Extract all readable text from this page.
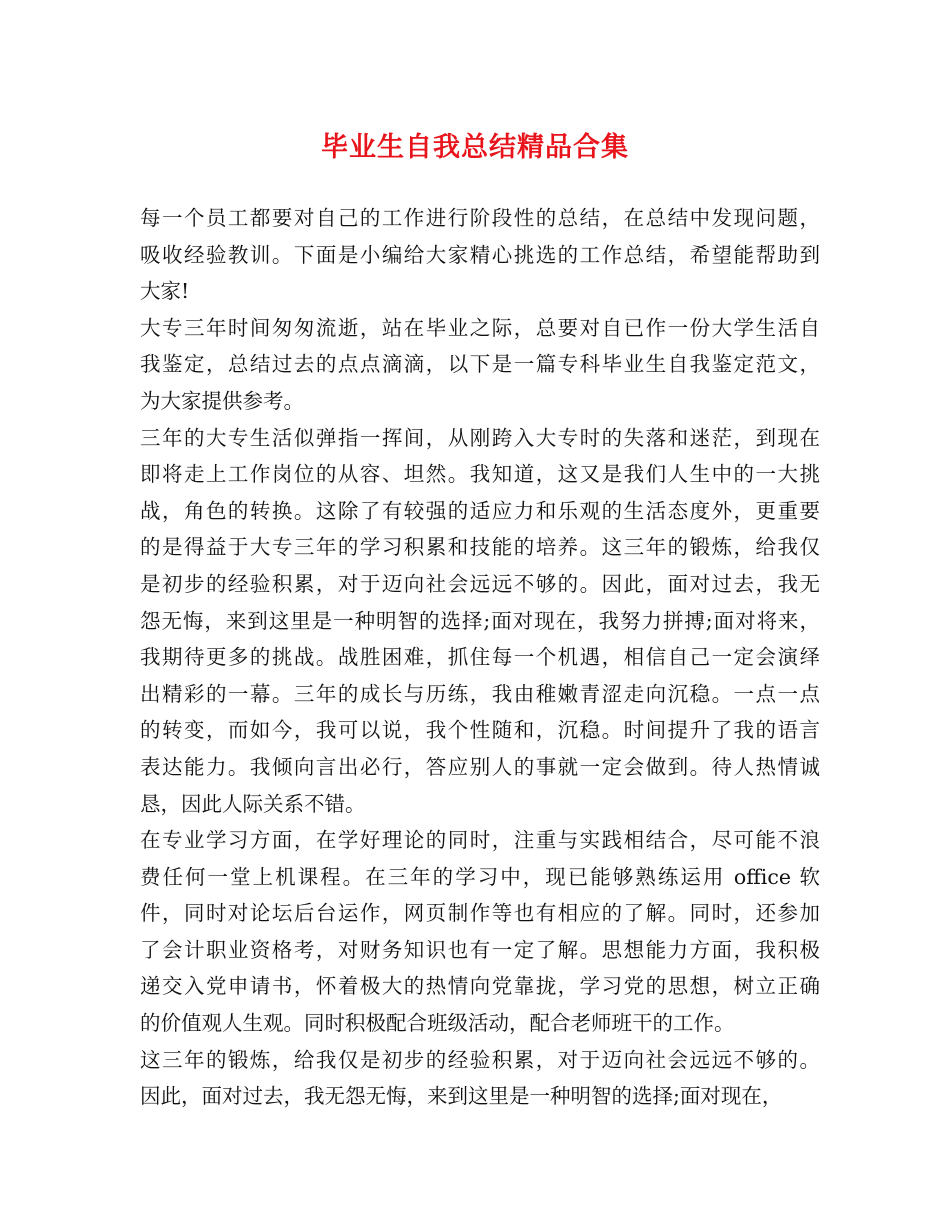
毕业生自我总结精品合集
每一个员工都要对自己的工作进行阶段性的总结，在总结中发现问题，
吸收经验教训。下面是小编给大家精心挑选的工作总结，希望能帮助到
大家!
大专三年时间匆匆流逝，站在毕业之际，总要对自已作一份大学生活自
我鉴定，总结过去的点点滴滴，以下是一篇专科毕业生自我鉴定范文，
为大家提供参考。
三年的大专生活似弹指一挥间，从刚跨入大专时的失落和迷茫，到现在
即将走上工作岗位的从容、坦然。我知道，这又是我们人生中的一大挑
战，角色的转换。这除了有较强的适应力和乐观的生活态度外，更重要
的是得益于大专三年的学习积累和技能的培养。这三年的锻炼，给我仅
是初步的经验积累，对于迈向社会远远不够的。因此，面对过去，我无
怨无悔，来到这里是一种明智的选择;面对现在，我努力拼搏;面对将来，
我期待更多的挑战。战胜困难，抓住每一个机遇，相信自己一定会演绎
出精彩的一幕。三年的成长与历练，我由稚嫩青涩走向沉稳。一点一点
的转变，而如今，我可以说，我个性随和，沉稳。时间提升了我的语言
表达能力。我倾向言出必行，答应别人的事就一定会做到。待人热情诚
恳，因此人际关系不错。
在专业学习方面，在学好理论的同时，注重与实践相结合，尽可能不浪
费任何一堂上机课程。在三年的学习中，现已能够熟练运用 office 软
件，同时对论坛后台运作，网页制作等也有相应的了解。同时，还参加
了会计职业资格考，对财务知识也有一定了解。思想能力方面，我积极
递交入党申请书，怀着极大的热情向党靠拢，学习党的思想，树立正确
的价值观人生观。同时积极配合班级活动，配合老师班干的工作。
这三年的锻炼，给我仅是初步的经验积累，对于迈向社会远远不够的。
因此，面对过去，我无怨无悔，来到这里是一种明智的选择;面对现在，
